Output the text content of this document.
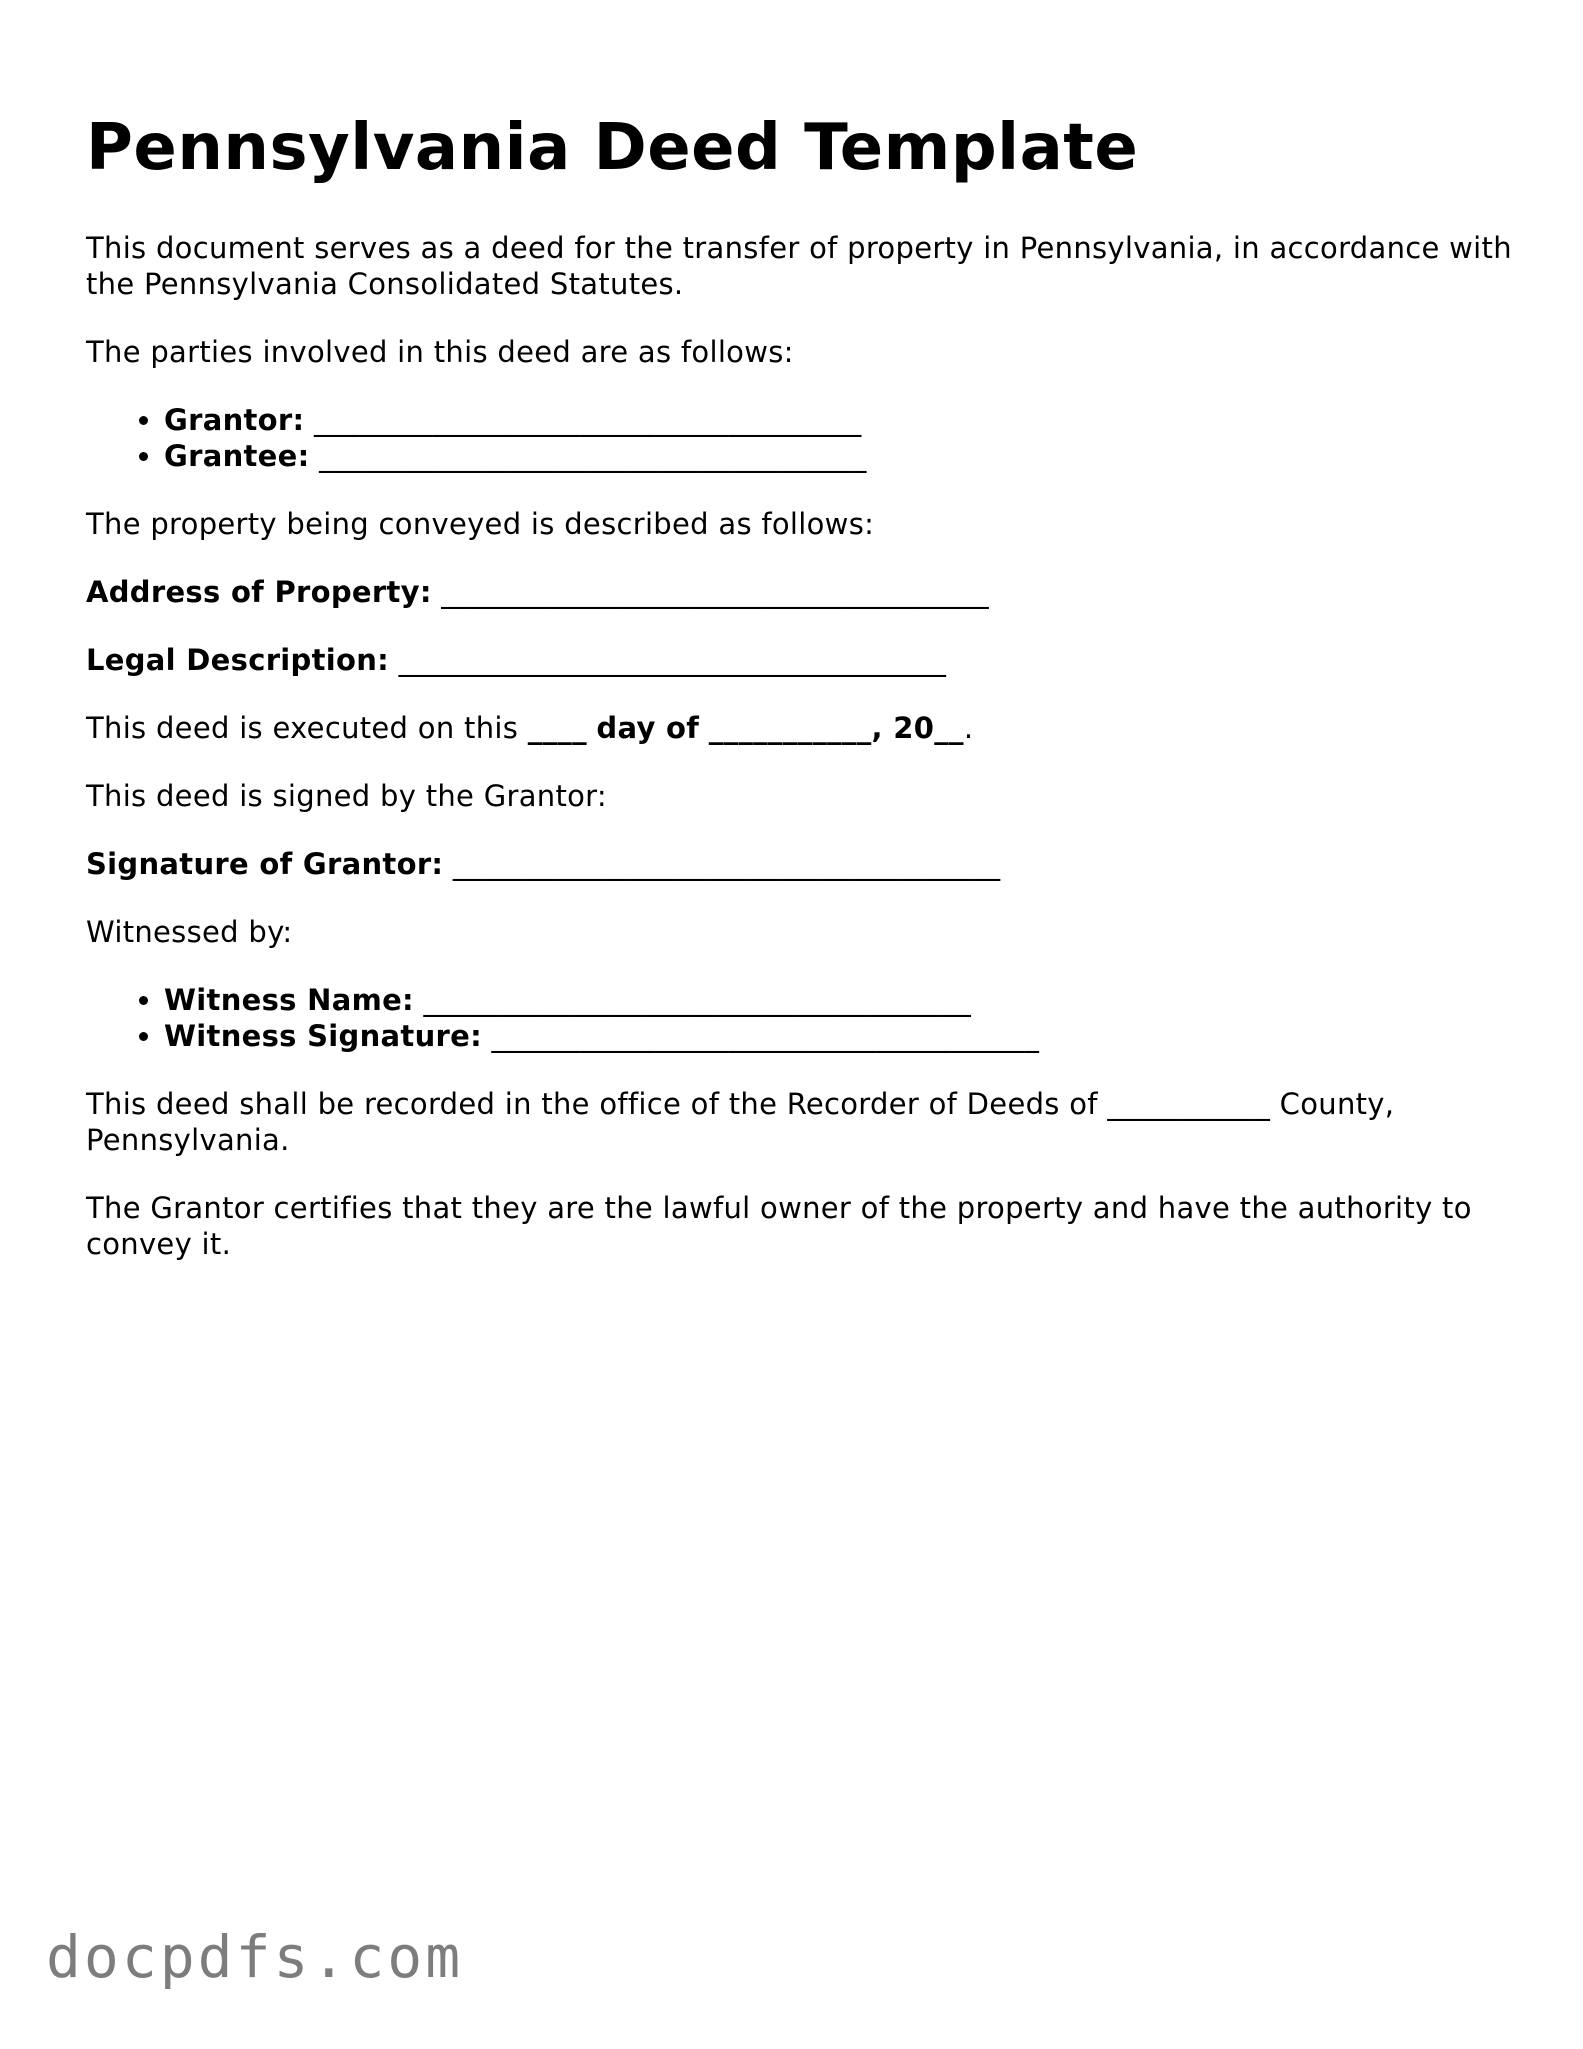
Pennsylvania Deed Template

This document serves as a deed for the transfer of property in Pennsylvania, in accordance with the Pennsylvania Consolidated Statutes.

The parties involved in this deed are as follows:

• Grantor: _____________________________________
• Grantee: _____________________________________

The property being conveyed is described as follows:

Address of Property: _____________________________________

Legal Description: _____________________________________

This deed is executed on this ____ day of ___________, 20__.

This deed is signed by the Grantor:

Signature of Grantor: _____________________________________

Witnessed by:

• Witness Name: _____________________________________
• Witness Signature: _____________________________________

This deed shall be recorded in the office of the Recorder of Deeds of ___________ County, Pennsylvania.

The Grantor certifies that they are the lawful owner of the property and have the authority to convey it.

docpdfs.com
